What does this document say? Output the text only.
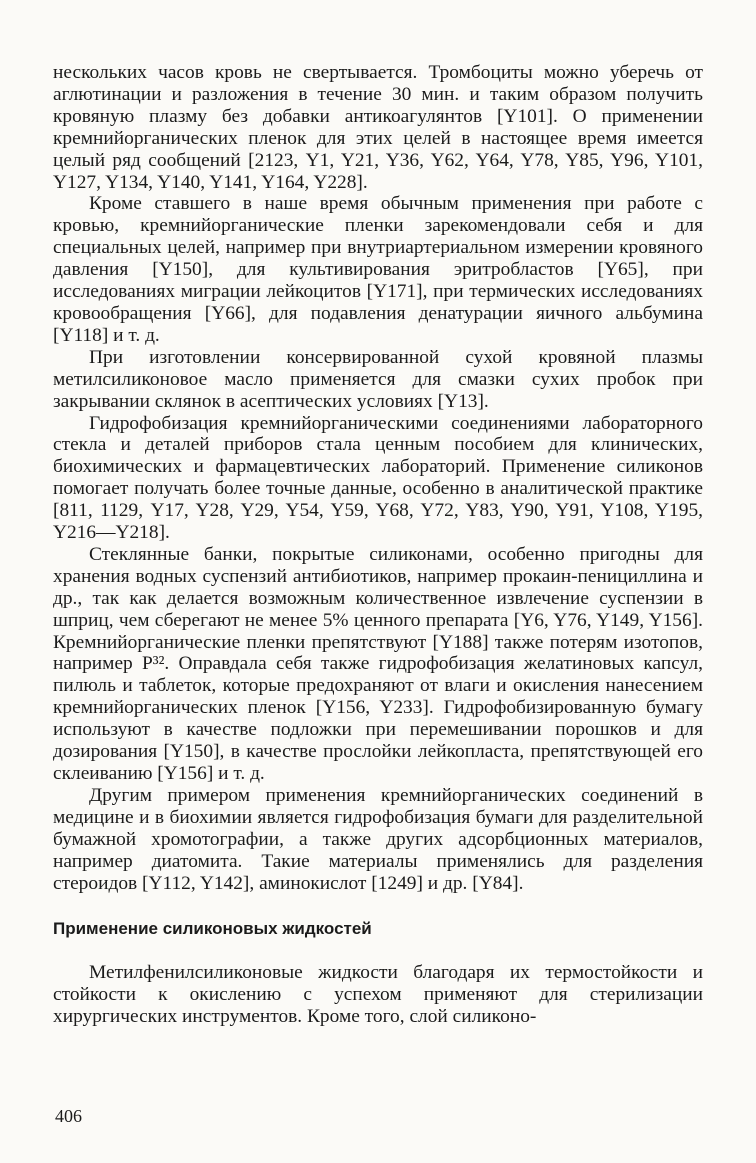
нескольких часов кровь не свертывается. Тромбоциты можно уберечь от аглютинации и разложения в течение 30 мин. и таким образом получить кровяную плазму без добавки антикоагулянтов [Y101]. О применении кремнийорганических пленок для этих целей в настоящее время имеется целый ряд сообщений [2123, Y1, Y21, Y36, Y62, Y64, Y78, Y85, Y96, Y101, Y127, Y134, Y140, Y141, Y164, Y228].

Кроме ставшего в наше время обычным применения при работе с кровью, кремнийорганические пленки зарекомендовали себя и для специальных целей, например при внутриартериальном измерении кровяного давления [Y150], для культивирования эритробластов [Y65], при исследованиях миграции лейкоцитов [Y171], при термических исследованиях кровообращения [Y66], для подавления денатурации яичного альбумина [Y118] и т. д.

При изготовлении консервированной сухой кровяной плазмы метилсиликоновое масло применяется для смазки сухих пробок при закрывании склянок в асептических условиях [Y13].

Гидрофобизация кремнийорганическими соединениями лабораторного стекла и деталей приборов стала ценным пособием для клинических, биохимических и фармацевтических лабораторий. Применение силиконов помогает получать более точные данные, особенно в аналитической практике [811, 1129, Y17, Y28, Y29, Y54, Y59, Y68, Y72, Y83, Y90, Y91, Y108, Y195, Y216—Y218].

Стеклянные банки, покрытые силиконами, особенно пригодны для хранения водных суспензий антибиотиков, например прокаин-пенициллина и др., так как делается возможным количественное извлечение суспензии в шприц, чем сберегают не менее 5% ценного препарата [Y6, Y76, Y149, Y156]. Кремнийорганические пленки препятствуют [Y188] также потерям изотопов, например P³². Оправдала себя также гидрофобизация желатиновых капсул, пилюль и таблеток, которые предохраняют от влаги и окисления нанесением кремнийорганических пленок [Y156, Y233]. Гидрофобизированную бумагу используют в качестве подложки при перемешивании порошков и для дозирования [Y150], в качестве прослойки лейкопласта, препятствующей его склеиванию [Y156] и т. д.

Другим примером применения кремнийорганических соединений в медицине и в биохимии является гидрофобизация бумаги для разделительной бумажной хромотографии, а также других адсорбционных материалов, например диатомита. Такие материалы применялись для разделения стероидов [Y112, Y142], аминокислот [1249] и др. [Y84].

Применение силиконовых жидкостей

Метилфенилсиликоновые жидкости благодаря их термостойкости и стойкости к окислению с успехом применяют для стерилизации хирургических инструментов. Кроме того, слой силиконо-

406
